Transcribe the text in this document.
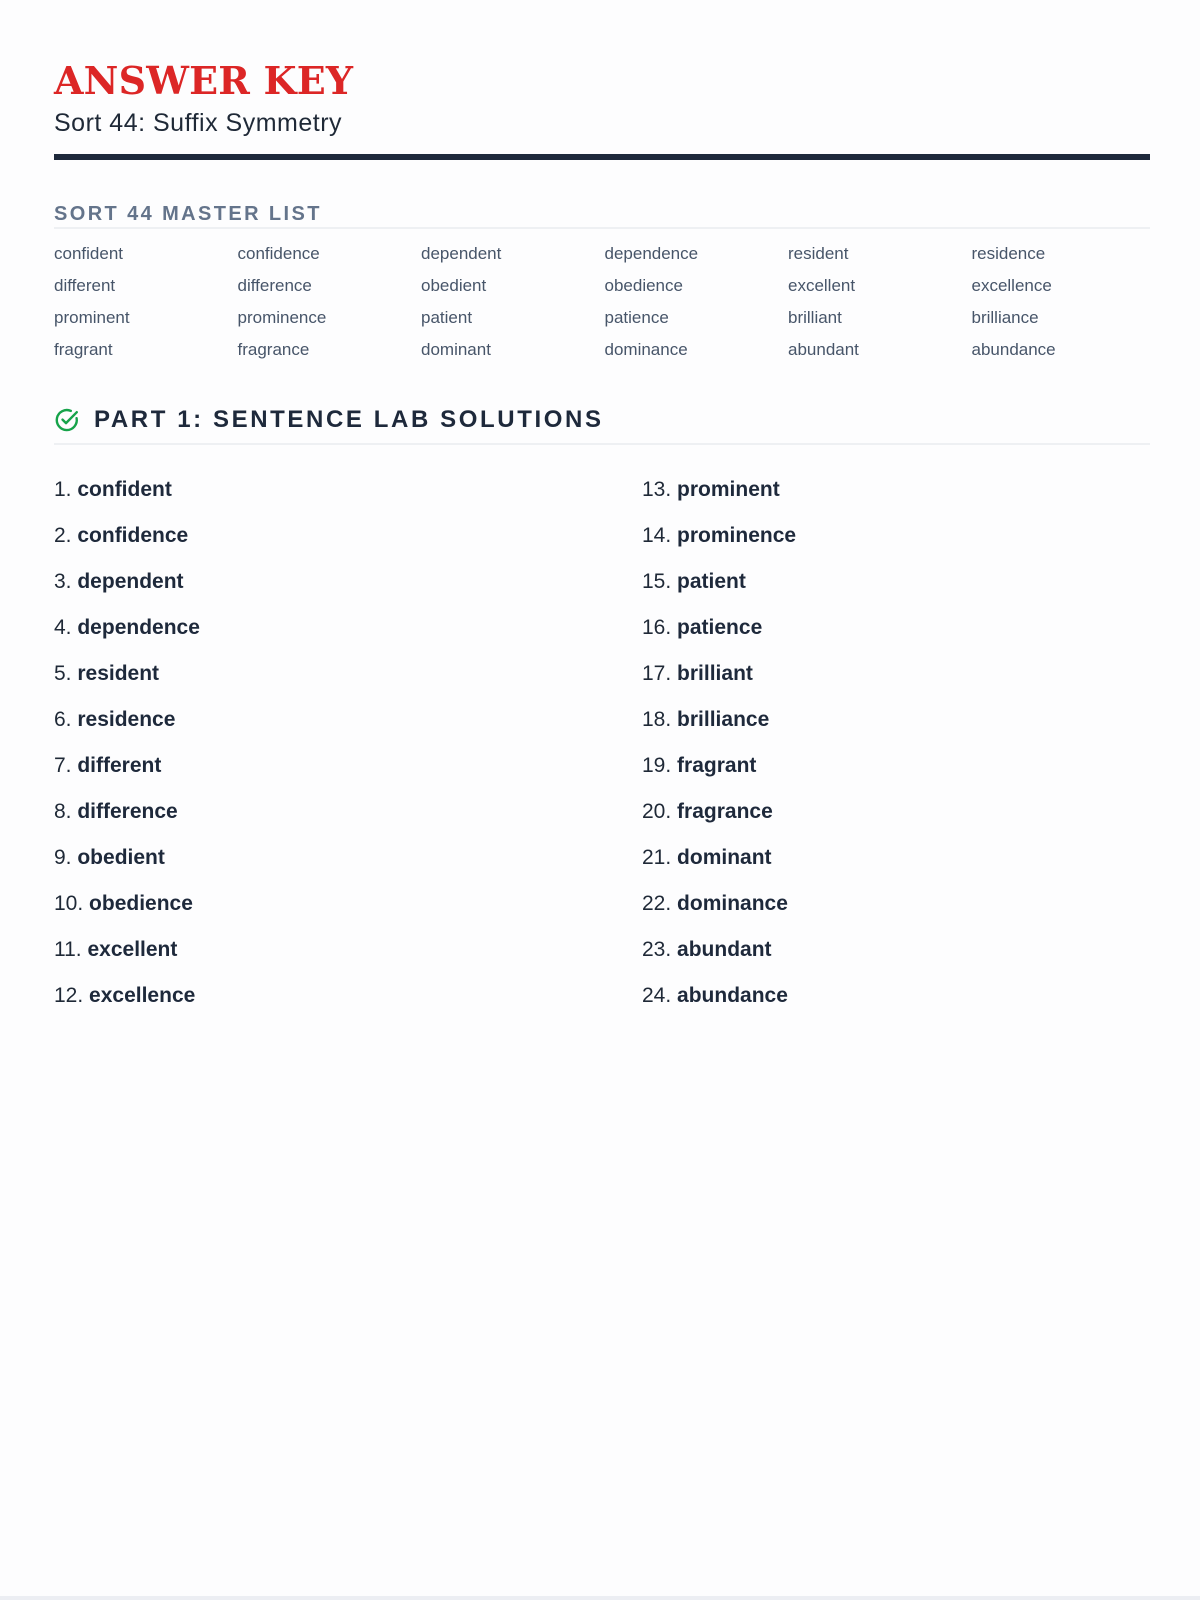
ANSWER KEY
Sort 44: Suffix Symmetry
SORT 44 MASTER LIST
confident	confidence	dependent	dependence	resident	residence
different	difference	obedient	obedience	excellent	excellence
prominent	prominence	patient	patience	brilliant	brilliance
fragrant	fragrance	dominant	dominance	abundant	abundance
PART 1: SENTENCE LAB SOLUTIONS
1. confident
2. confidence
3. dependent
4. dependence
5. resident
6. residence
7. different
8. difference
9. obedient
10. obedience
11. excellent
12. excellence
13. prominent
14. prominence
15. patient
16. patience
17. brilliant
18. brilliance
19. fragrant
20. fragrance
21. dominant
22. dominance
23. abundant
24. abundance
